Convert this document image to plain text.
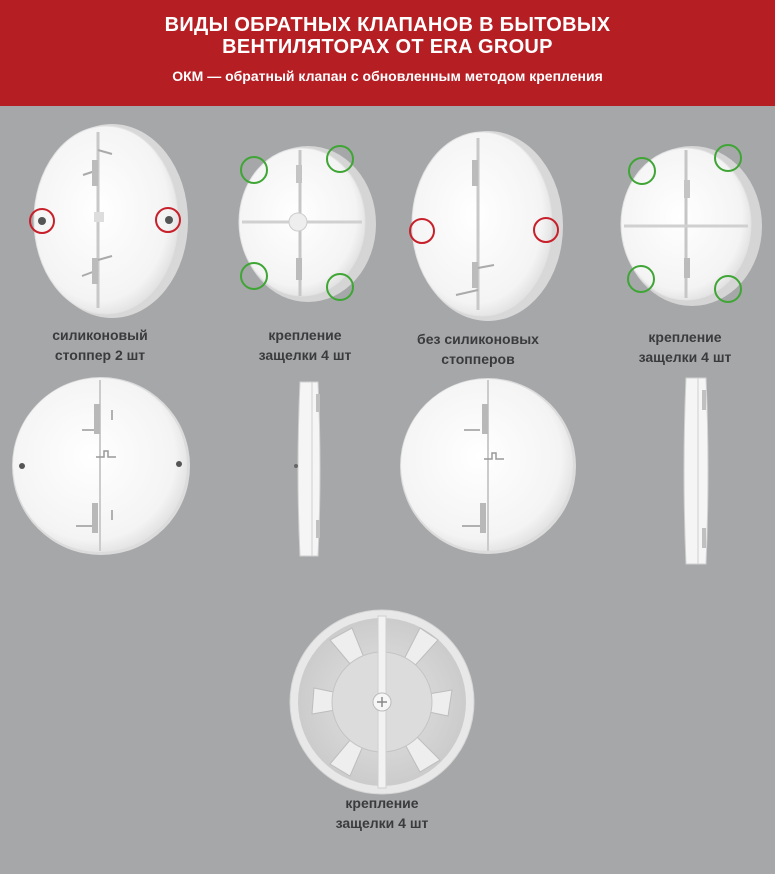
ВИДЫ ОБРАТНЫХ КЛАПАНОВ В БЫТОВЫХ
ВЕНТИЛЯТОРАХ ОТ ERA GROUP
ОКМ — обратный клапан с обновленным методом крепления
силиконовый
стоппер 2 шт
крепление
защелки 4 шт
без силиконовых
стопперов
крепление
защелки 4 шт
крепление
защелки 4 шт
